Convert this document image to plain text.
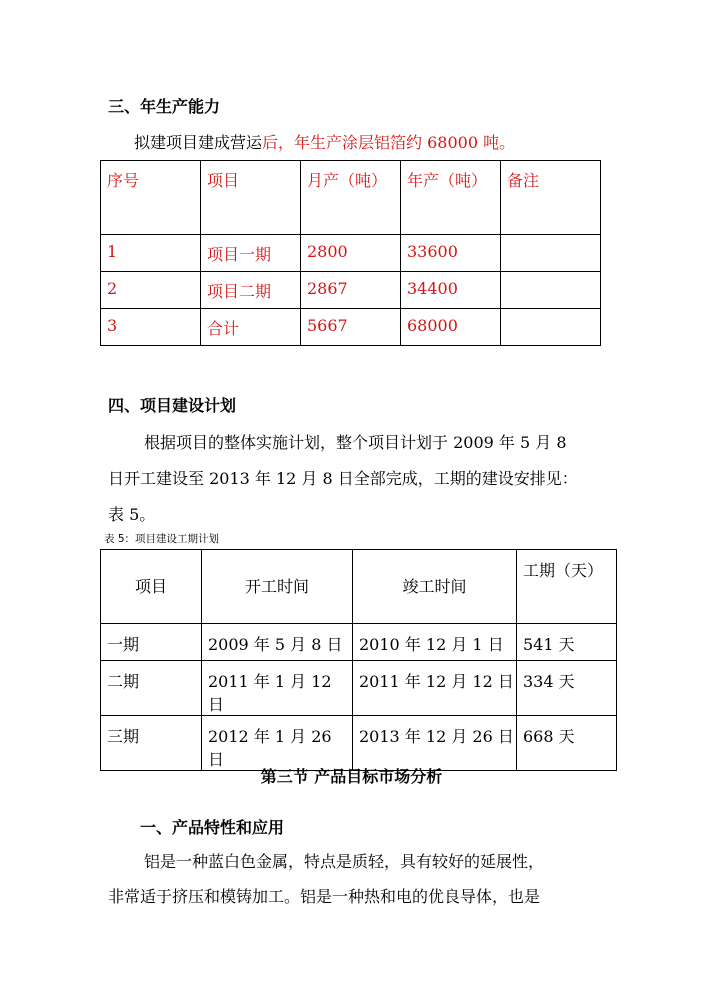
三、年生产能力
拟建项目建成营运后，年生产涂层铝箔约 68000 吨。
序号	项目	月产（吨）	年产（吨）	备注
1	项目一期	2800	33600	
2	项目二期	2867	34400	
3	合计	5667	68000	
四、项目建设计划
根据项目的整体实施计划，整个项目计划于 2009 年 5 月 8
日开工建设至 2013 年 12 月 8 日全部完成，工期的建设安排见：
表 5。
表 5：项目建设工期计划
项目	开工时间	竣工时间	工期（天）
一期	2009 年 5 月 8 日	2010 年 12 月 1 日	541 天
二期	2011 年 1 月 12 日	2011 年 12 月 12 日	334 天
三期	2012 年 1 月 26 日	2013 年 12 月 26 日	668 天
第三节 产品目标市场分析
一、产品特性和应用
铝是一种蓝白色金属，特点是质轻，具有较好的延展性，
非常适于挤压和模铸加工。铝是一种热和电的优良导体，也是
